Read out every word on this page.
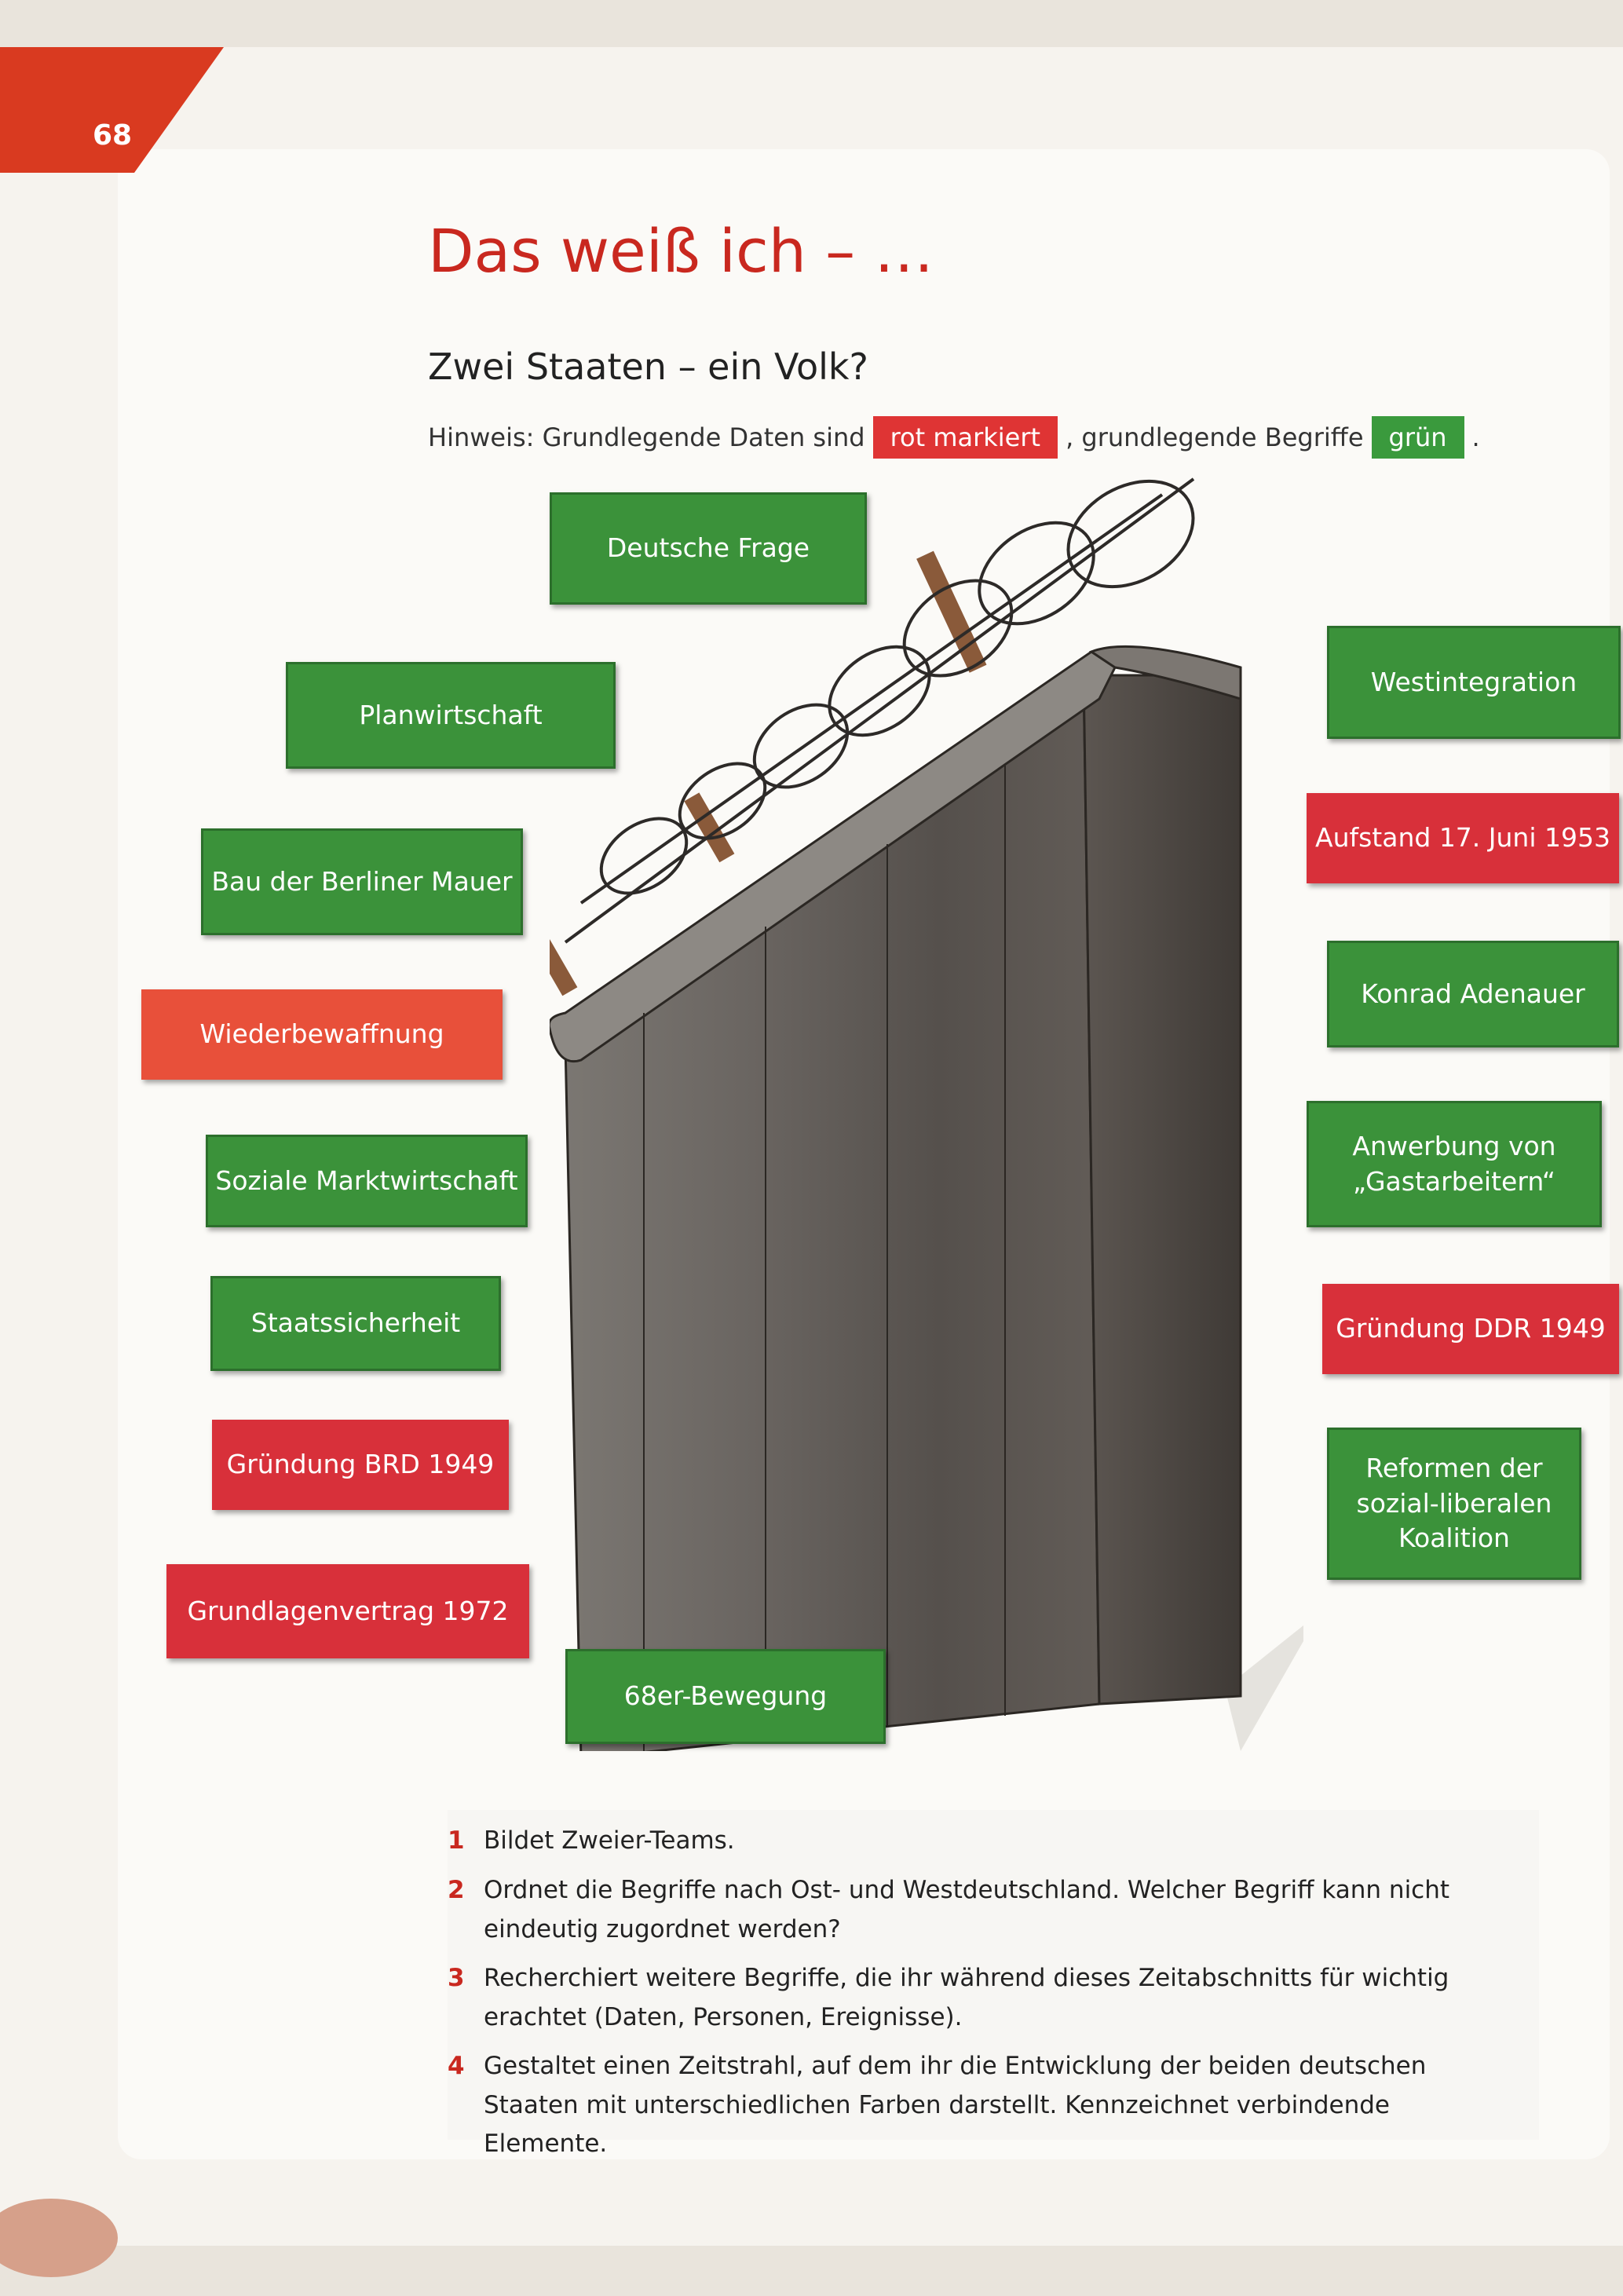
68
Das weiß ich – …
Zwei Staaten – ein Volk?
Hinweis: Grundlegende Daten sind	rot markiert	, grundlegende Begriffe	grün	.
Deutsche Frage
Planwirtschaft
Bau der Berliner Mauer
Wiederbewaffnung
Soziale Marktwirtschaft
Staatssicherheit
Gründung BRD 1949
Grundlagenvertrag 1972
68er-Bewegung
Westintegration
Aufstand 17. Juni 1953
Konrad Adenauer
Anwerbung von
„Gastarbeitern“
Gründung DDR 1949
Reformen der
sozial-liberalen
Koalition
1 Bildet Zweier-Teams.
2 Ordnet die Begriffe nach Ost- und Westdeutschland. Welcher Begriff kann nicht eindeutig zugordnet werden?
3 Recherchiert weitere Begriffe, die ihr während dieses Zeitabschnitts für wichtig erachtet (Daten, Personen, Ereignisse).
4 Gestaltet einen Zeitstrahl, auf dem ihr die Entwicklung der beiden deutschen Staaten mit unterschiedlichen Farben darstellt. Kennzeichnet verbindende Elemente.
